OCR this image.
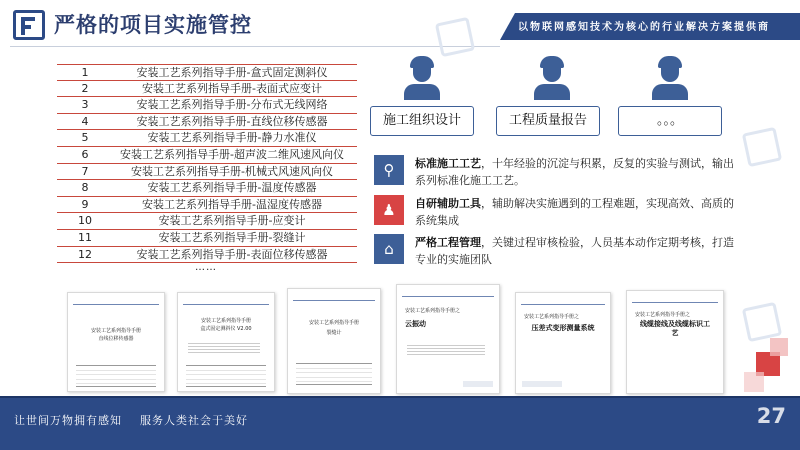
严格的项目实施管控	以物联网感知技术为核心的行业解决方案提供商
1	安装工艺系列指导手册-盒式固定测斜仪
2	安装工艺系列指导手册-表面式应变计
3	安装工艺系列指导手册-分布式无线网络
4	安装工艺系列指导手册-直线位移传感器
5	安装工艺系列指导手册-静力水准仪
6	安装工艺系列指导手册-超声波二维风速风向仪
7	安装工艺系列指导手册-机械式风速风向仪
8	安装工艺系列指导手册-温度传感器
9	安装工艺系列指导手册-温湿度传感器
10	安装工艺系列指导手册-应变计
11	安装工艺系列指导手册-裂缝计
12	安装工艺系列指导手册-表面位移传感器
……
施工组织设计	工程质量报告	。。。
⚲	标准施工工艺，十年经验的沉淀与积累，反复的实验与测试，输出系列标准化施工工艺。
♟	自研辅助工具，辅助解决实施遇到的工程难题，实现高效、高质的系统集成
⌂	严格工程管理，关键过程审核检验，人员基本动作定期考核，打造专业的实施团队
安装工艺系列指导手册
直线位移传感器
安装工艺系列指导手册
盒式固定测斜仪 V2.00
安装工艺系列指导手册
裂缝计
安装工艺系列指导手册之
云振动
安装工艺系列指导手册之
压差式变形测量系统
安装工艺系列指导手册之
线缆接线及线缆标识工艺
让世间万物拥有感知    服务人类社会于美好	27
